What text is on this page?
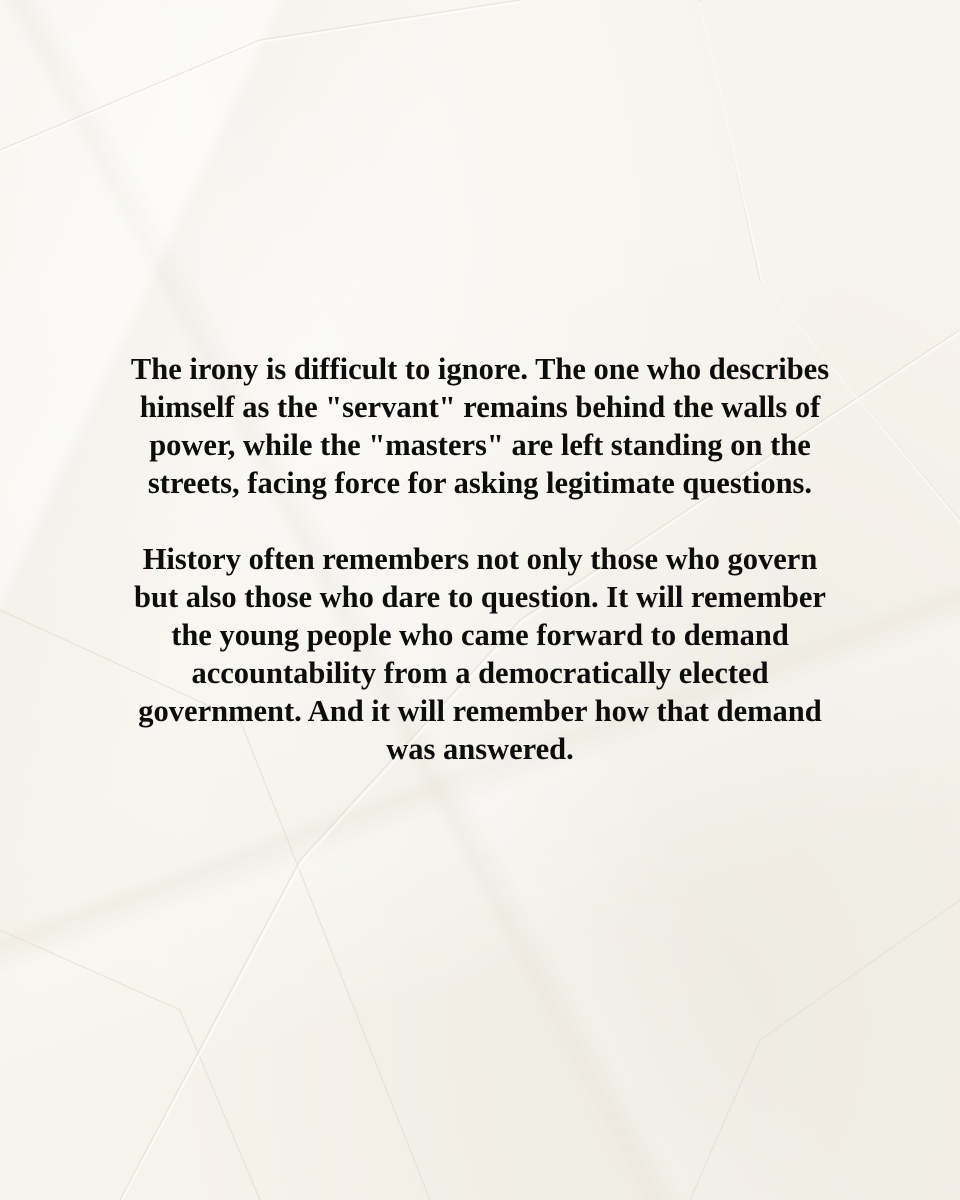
The irony is difficult to ignore. The one who describes
himself as the "servant" remains behind the walls of
power, while the "masters" are left standing on the
streets, facing force for asking legitimate questions.

History often remembers not only those who govern
but also those who dare to question. It will remember
the young people who came forward to demand
accountability from a democratically elected
government. And it will remember how that demand
was answered.
